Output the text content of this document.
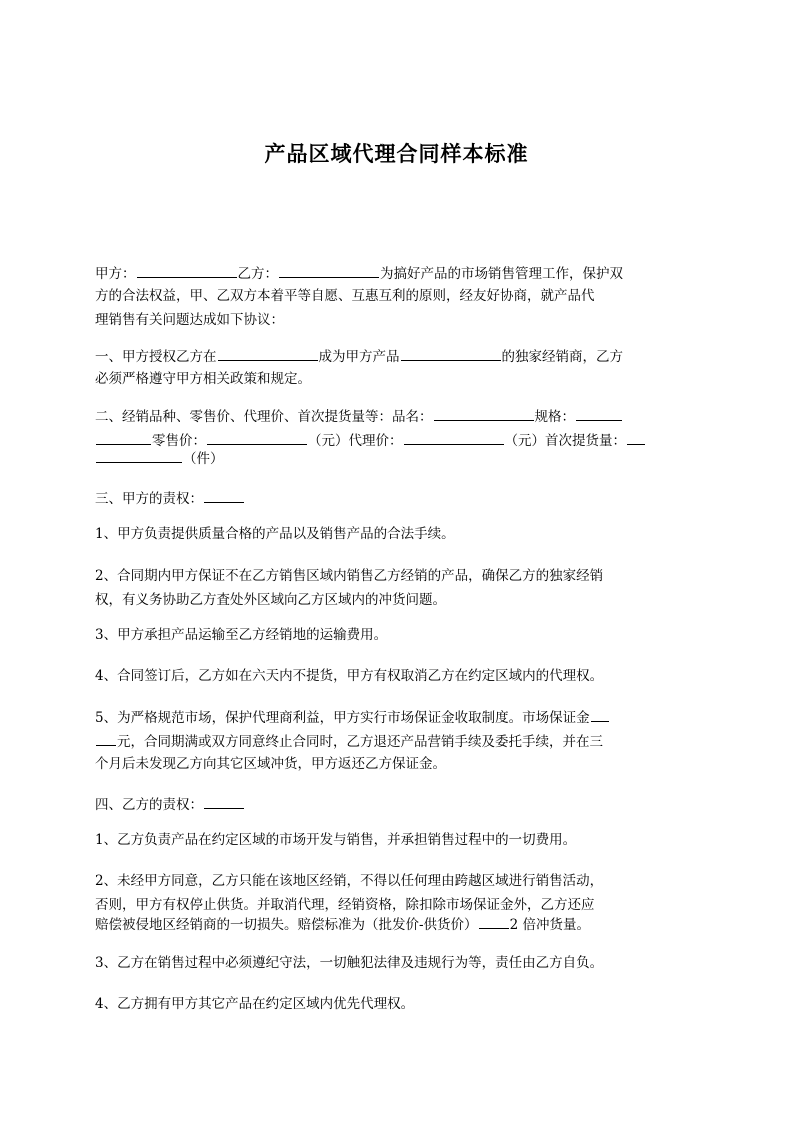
产品区域代理合同样本标准
甲方：	乙方：	为搞好产品的市场销售管理工作，保护双
方的合法权益，甲、乙双方本着平等自愿、互惠互利的原则，经友好协商，就产品代
理销售有关问题达成如下协议：
一、甲方授权乙方在	成为甲方产品	的独家经销商，乙方
必须严格遵守甲方相关政策和规定。
二、经销品种、零售价、代理价、首次提货量等：品名：	规格：
零售价：	（元）代理价：	（元）首次提货量：
（件）
三、甲方的责权：
1、甲方负责提供质量合格的产品以及销售产品的合法手续。
2、合同期内甲方保证不在乙方销售区域内销售乙方经销的产品，确保乙方的独家经销
权，有义务协助乙方査处外区域向乙方区域内的冲货问题。
3、甲方承担产品运输至乙方经销地的运输费用。
4、合同签订后，乙方如在六天内不提货，甲方有权取消乙方在约定区域内的代理权。
5、为严格规范市场，保护代理商利益，甲方实行市场保证金收取制度。市场保证金
元，合同期满或双方同意终止合同时，乙方退还产品营销手续及委托手续，并在三
个月后未发现乙方向其它区域冲货，甲方返还乙方保证金。
四、乙方的责权：
1、乙方负责产品在约定区域的市场开发与销售，并承担销售过程中的一切费用。
2、未经甲方同意，乙方只能在该地区经销，不得以任何理由跨越区域进行销售活动，
否则，甲方有权停止供货。并取消代理，经销资格，除扣除市场保证金外，乙方还应
赔偿被侵地区经销商的一切损失。赔偿标准为（批发价-供货价） 2 倍冲货量。
3、乙方在销售过程中必须遵纪守法，一切触犯法律及违规行为等，责任由乙方自负。
4、乙方拥有甲方其它产品在约定区域内优先代理权。
